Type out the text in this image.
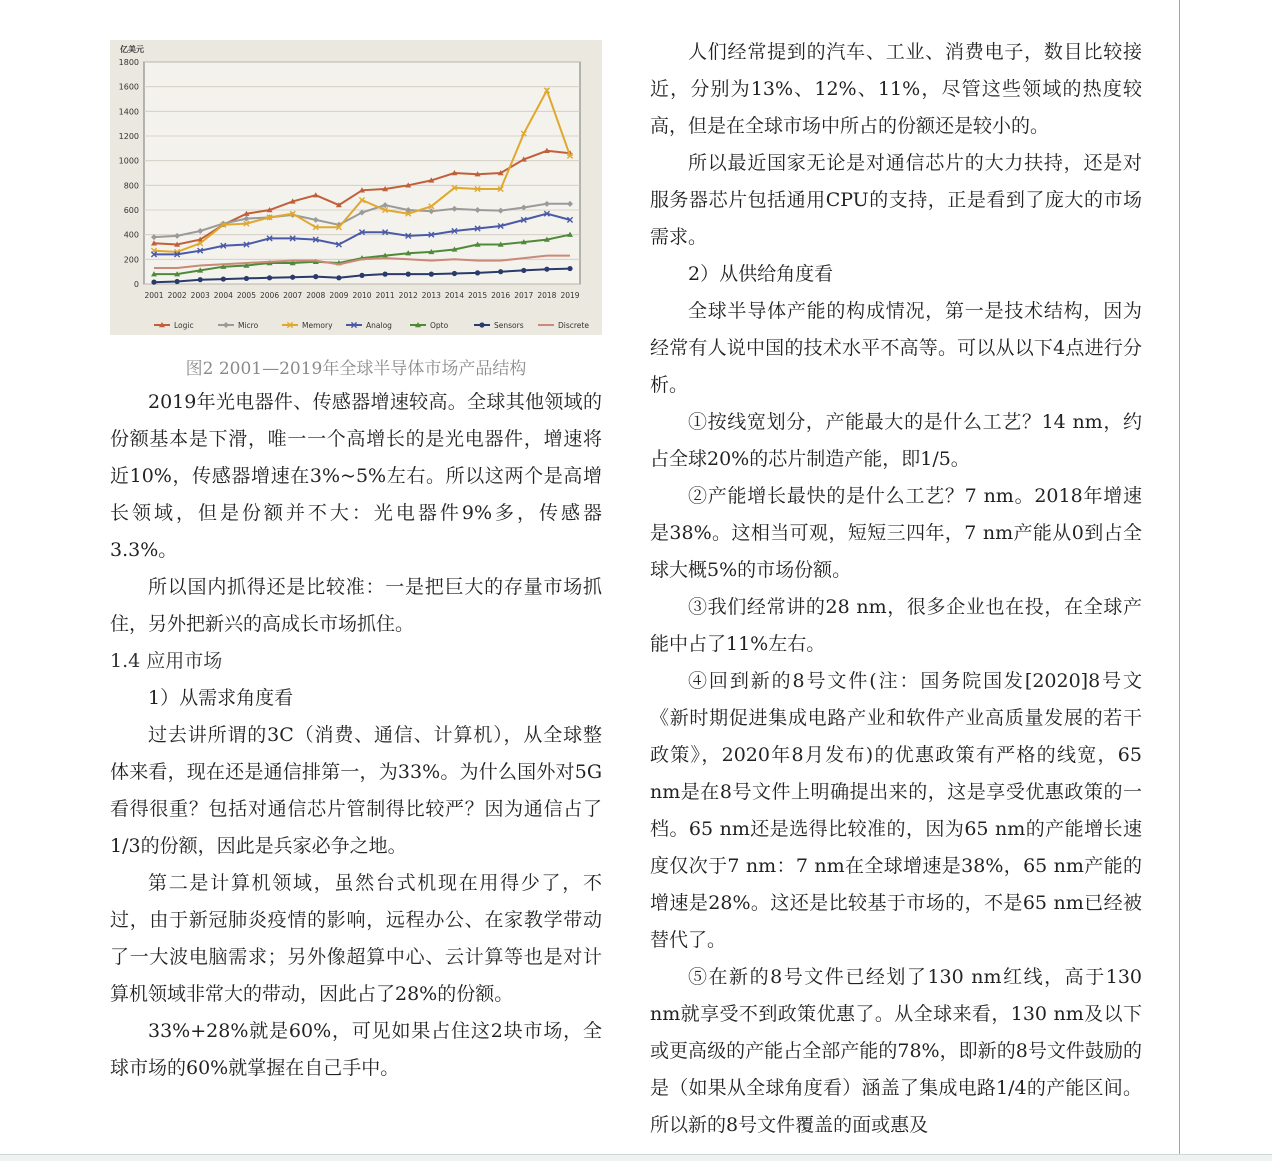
亿美元
0
200
400
600
800
1000
1200
1400
1600
1800
2001 2002 2003 2004 2005 2006 2007 2008 2009 2010 2011 2012 2013 2014 2015 2016 2017 2018 2019
Logic	Micro	Memory	Analog	Opto	Sensors	Discrete
图2 2001—2019年全球半导体市场产品结构

2019年光电器件、传感器增速较高。全球其他领域的份额基本是下滑，唯一一个高增长的是光电器件，增速将近10%，传感器增速在3%~5%左右。所以这两个是高增长领域，但是份额并不大：光电器件9%多，传感器3.3%。

所以国内抓得还是比较准：一是把巨大的存量市场抓住，另外把新兴的高成长市场抓住。

1.4 应用市场

1）从需求角度看

过去讲所谓的3C（消费、通信、计算机），从全球整体来看，现在还是通信排第一，为33%。为什么国外对5G看得很重？包括对通信芯片管制得比较严？因为通信占了1/3的份额，因此是兵家必争之地。

第二是计算机领域，虽然台式机现在用得少了，不过，由于新冠肺炎疫情的影响，远程办公、在家教学带动了一大波电脑需求；另外像超算中心、云计算等也是对计算机领域非常大的带动，因此占了28%的份额。

33%+28%就是60%，可见如果占住这2块市场，全球市场的60%就掌握在自己手中。

人们经常提到的汽车、工业、消费电子，数目比较接近，分别为13%、12%、11%，尽管这些领域的热度较高，但是在全球市场中所占的份额还是较小的。

所以最近国家无论是对通信芯片的大力扶持，还是对服务器芯片包括通用CPU的支持，正是看到了庞大的市场需求。

2）从供给角度看

全球半导体产能的构成情况，第一是技术结构，因为经常有人说中国的技术水平不高等。可以从以下4点进行分析。

①按线宽划分，产能最大的是什么工艺？14 nm，约占全球20%的芯片制造产能，即1/5。

②产能增长最快的是什么工艺？7 nm。2018年增速是38%。这相当可观，短短三四年，7 nm产能从0到占全球大概5%的市场份额。

③我们经常讲的28 nm，很多企业也在投，在全球产能中占了11%左右。

④回到新的8号文件(注：国务院国发[2020]8号文《新时期促进集成电路产业和软件产业高质量发展的若干政策》，2020年8月发布)的优惠政策有严格的线宽，65 nm是在8号文件上明确提出来的，这是享受优惠政策的一档。65 nm还是选得比较准的，因为65 nm的产能增长速度仅次于7 nm：7 nm在全球增速是38%，65 nm产能的增速是28%。这还是比较基于市场的，不是65 nm已经被替代了。

⑤在新的8号文件已经划了130 nm红线，高于130 nm就享受不到政策优惠了。从全球来看，130 nm及以下或更高级的产能占全部产能的78%，即新的8号文件鼓励的是（如果从全球角度看）涵盖了集成电路1/4的产能区间。所以新的8号文件覆盖的面或惠及
